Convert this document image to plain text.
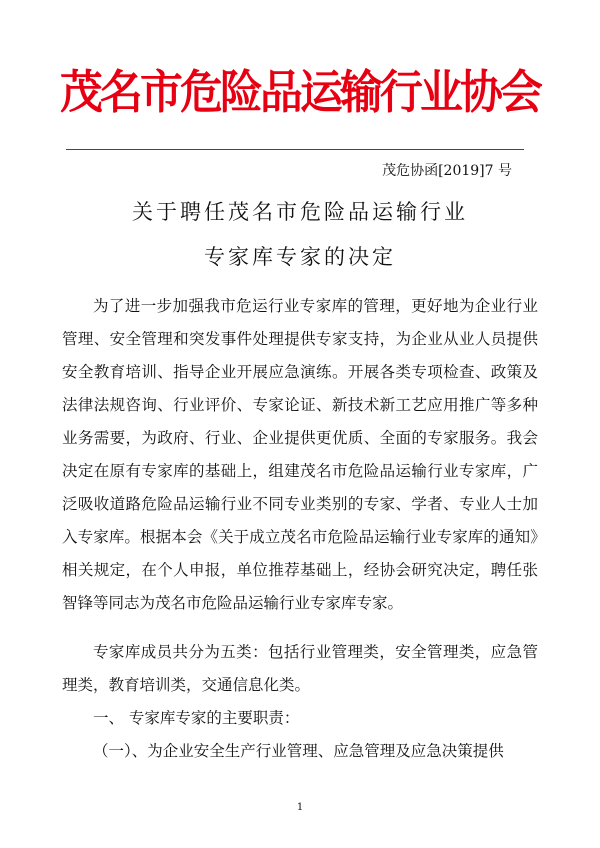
茂名市危险品运输行业协会
茂危协函[2019]7 号
关于聘任茂名市危险品运输行业
专家库专家的决定

为了进一步加强我市危运行业专家库的管理，更好地为企业行业管理、安全管理和突发事件处理提供专家支持，为企业从业人员提供安全教育培训、指导企业开展应急演练。开展各类专项检查、政策及法律法规咨询、行业评价、专家论证、新技术新工艺应用推广等多种业务需要，为政府、行业、企业提供更优质、全面的专家服务。我会决定在原有专家库的基础上，组建茂名市危险品运输行业专家库，广泛吸收道路危险品运输行业不同专业类别的专家、学者、专业人士加入专家库。根据本会《关于成立茂名市危险品运输行业专家库的通知》相关规定，在个人申报，单位推荐基础上，经协会研究决定，聘任张智锋等同志为茂名市危险品运输行业专家库专家。

专家库成员共分为五类：包括行业管理类，安全管理类，应急管理类，教育培训类，交通信息化类。

一、 专家库专家的主要职责：

（一）、为企业安全生产行业管理、应急管理及应急决策提供

1
